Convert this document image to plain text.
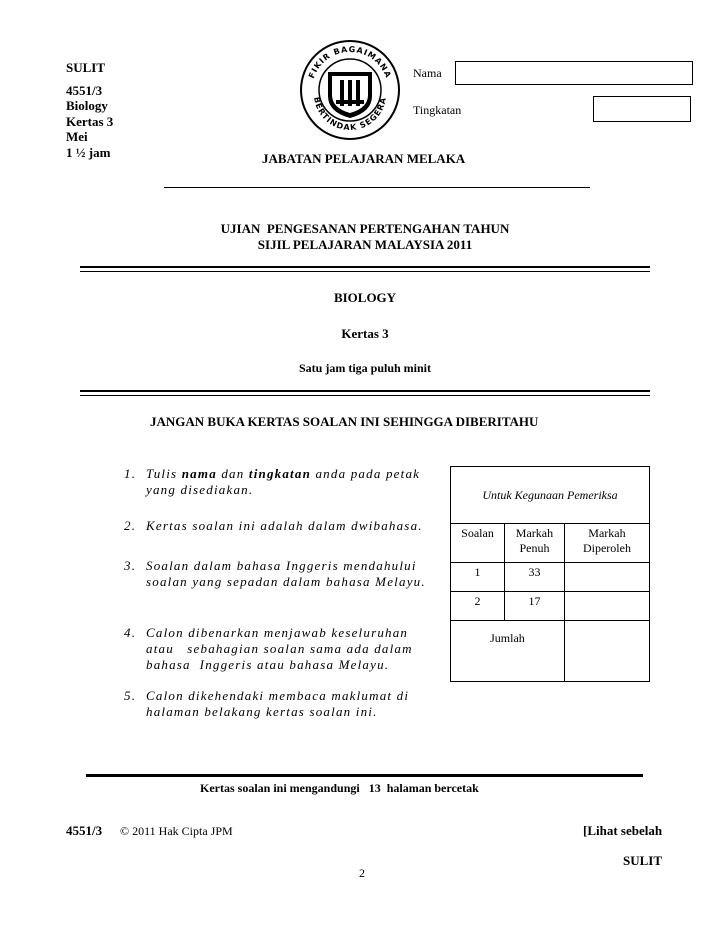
SULIT
4551/3
Biology
Kertas 3
Mei
1 ½ jam
FIKIR BAGAIMANA
BERTINDAK SEGERA
Nama
Tingkatan
JABATAN PELAJARAN MELAKA
UJIAN  PENGESANAN PERTENGAHAN TAHUN
SIJIL PELAJARAN MALAYSIA 2011
BIOLOGY
Kertas 3
Satu jam tiga puluh minit
JANGAN BUKA KERTAS SOALAN INI SEHINGGA DIBERITAHU
1. Tulis nama dan tingkatan anda pada petak yang disediakan.
2. Kertas soalan ini adalah dalam dwibahasa.
3. Soalan dalam bahasa Inggeris mendahului soalan yang sepadan dalam bahasa Melayu.
4. Calon dibenarkan menjawab keseluruhan atau   sebahagian soalan sama ada dalam bahasa  Inggeris atau bahasa Melayu.
5. Calon dikehendaki membaca maklumat di halaman belakang kertas soalan ini.
Untuk Kegunaan Pemeriksa		
Soalan	Markah Penuh	Markah Diperoleh
1	33	
2	17	
Jumlah		
Kertas soalan ini mengandungi   13  halaman bercetak
4551/3 © 2011 Hak Cipta JPM	[Lihat sebelah
SULIT
2
